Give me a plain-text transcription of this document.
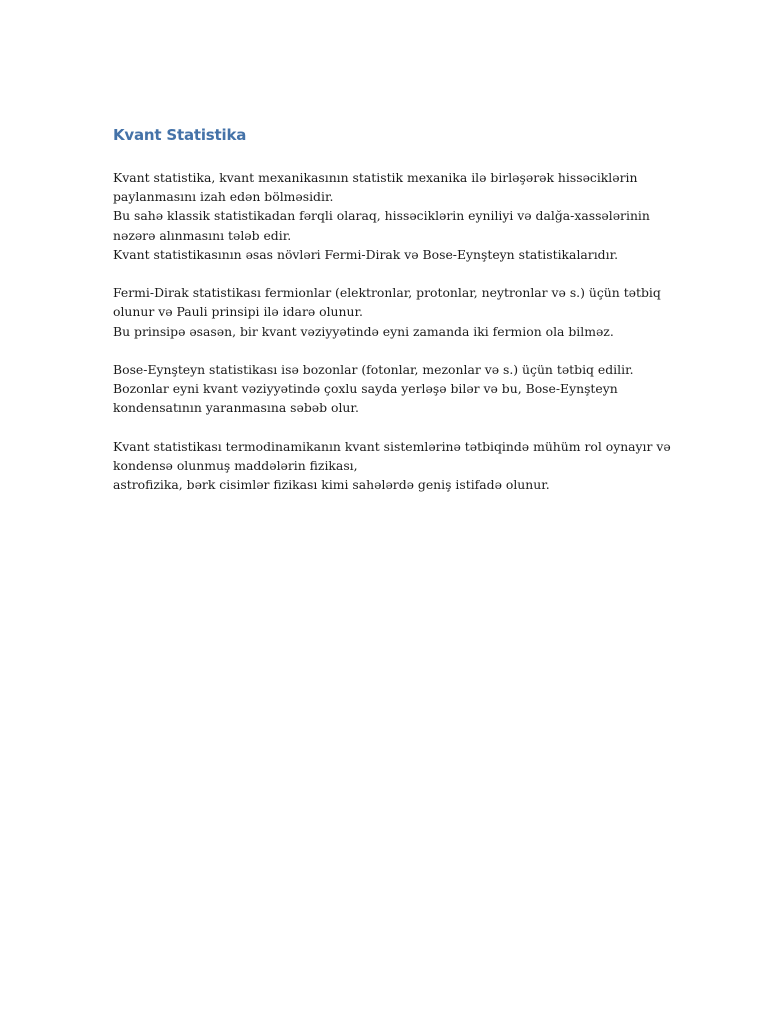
Kvant Statistika

Kvant statistika, kvant mexanikasının statistik mexanika ilə birləşərək hissəciklərin
paylanmasını izah edən bölməsidir.
Bu sahə klassik statistikadan fərqli olaraq, hissəciklərin eyniliyi və dalğa-xassələrinin
nəzərə alınmasını tələb edir.
Kvant statistikasının əsas növləri Fermi-Dirak və Bose-Eynşteyn statistikalarıdır.

Fermi-Dirak statistikası fermionlar (elektronlar, protonlar, neytronlar və s.) üçün tətbiq
olunur və Pauli prinsipi ilə idarə olunur.
Bu prinsipə əsasən, bir kvant vəziyyətində eyni zamanda iki fermion ola bilməz.

Bose-Eynşteyn statistikası isə bozonlar (fotonlar, mezonlar və s.) üçün tətbiq edilir.
Bozonlar eyni kvant vəziyyətində çoxlu sayda yerləşə bilər və bu, Bose-Eynşteyn
kondensatının yaranmasına səbəb olur.

Kvant statistikası termodinamikanın kvant sistemlərinə tətbiqində mühüm rol oynayır və
kondensə olunmuş maddələrin fizikası,
astrofizika, bərk cisimlər fizikası kimi sahələrdə geniş istifadə olunur.
